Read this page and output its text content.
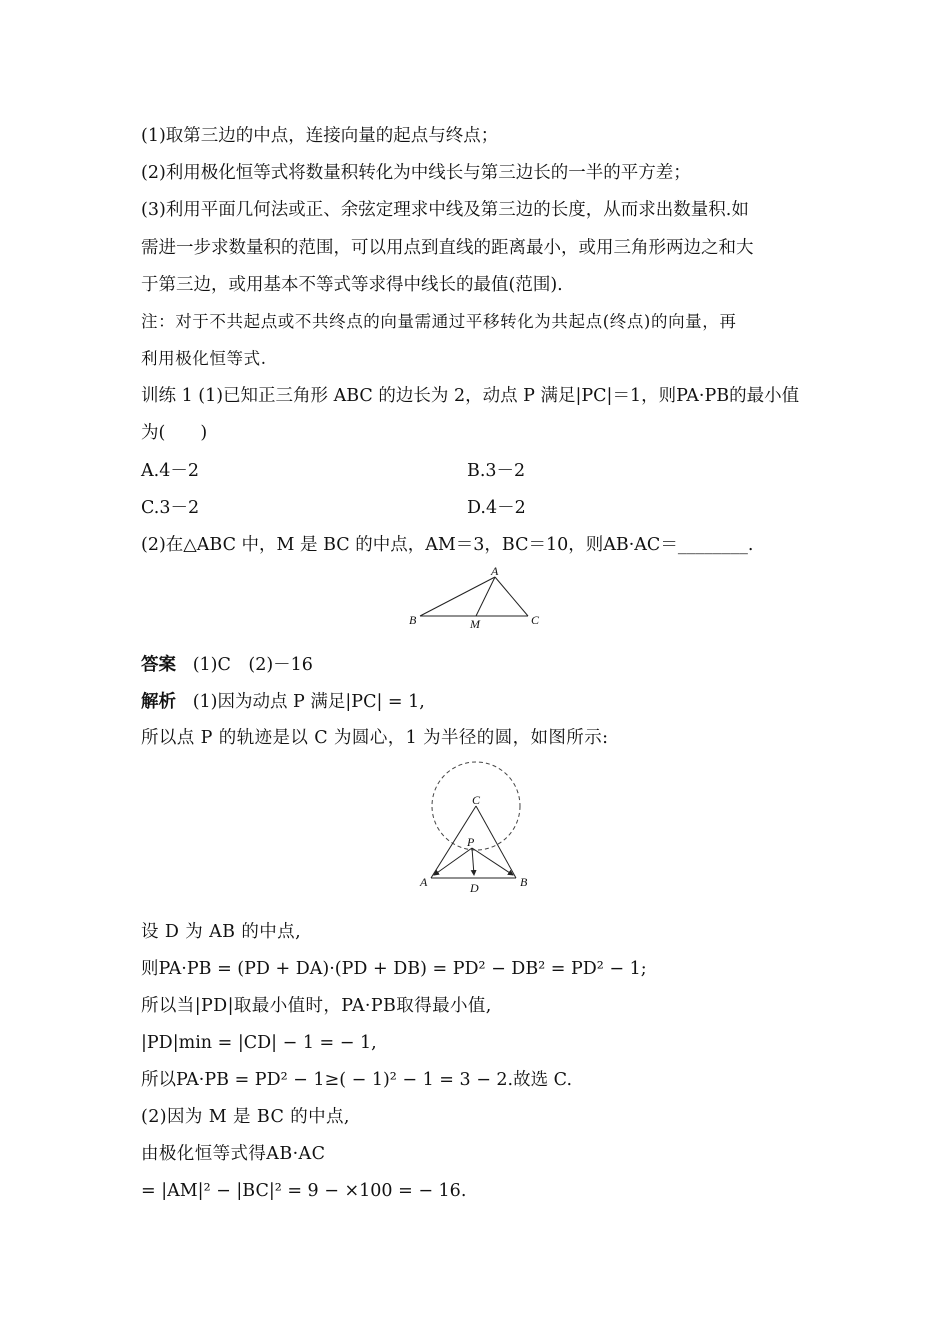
(1)取第三边的中点，连接向量的起点与终点；
(2)利用极化恒等式将数量积转化为中线长与第三边长的一半的平方差；
(3)利用平面几何法或正、余弦定理求中线及第三边的长度，从而求出数量积.如
需进一步求数量积的范围，可以用点到直线的距离最小，或用三角形两边之和大
于第三边，或用基本不等式等求得中线长的最值(范围).
注：对于不共起点或不共终点的向量需通过平移转化为共起点(终点)的向量，再
利用极化恒等式.
训练 1 (1)已知正三角形 ABC 的边长为 2，动点 P 满足|PC|＝1，则PA·PB的最小值
为(　　)
A.4－2	B.3－2
C.3－2	D.4－2
(2)在△ABC 中，M 是 BC 的中点，AM＝3，BC＝10，则AB·AC＝________.
A
B	C
M
答案 (1)C　(2)－16
解析 (1)因为动点 P 满足|PC| = 1,
所以点 P 的轨迹是以 C 为圆心，1 为半径的圆，如图所示:
C
P
A	B
D
设 D 为 AB 的中点,
则PA·PB = (PD + DA)·(PD + DB) = PD² − DB² = PD² − 1;
所以当|PD|取最小值时，PA·PB取得最小值,
|PD|min = |CD| − 1 = − 1,
所以PA·PB = PD² − 1≥( − 1)² − 1 = 3 − 2.故选 C.
(2)因为 M 是 BC 的中点,
由极化恒等式得AB·AC
= |AM|² − |BC|² = 9 − ×100 = − 16.
